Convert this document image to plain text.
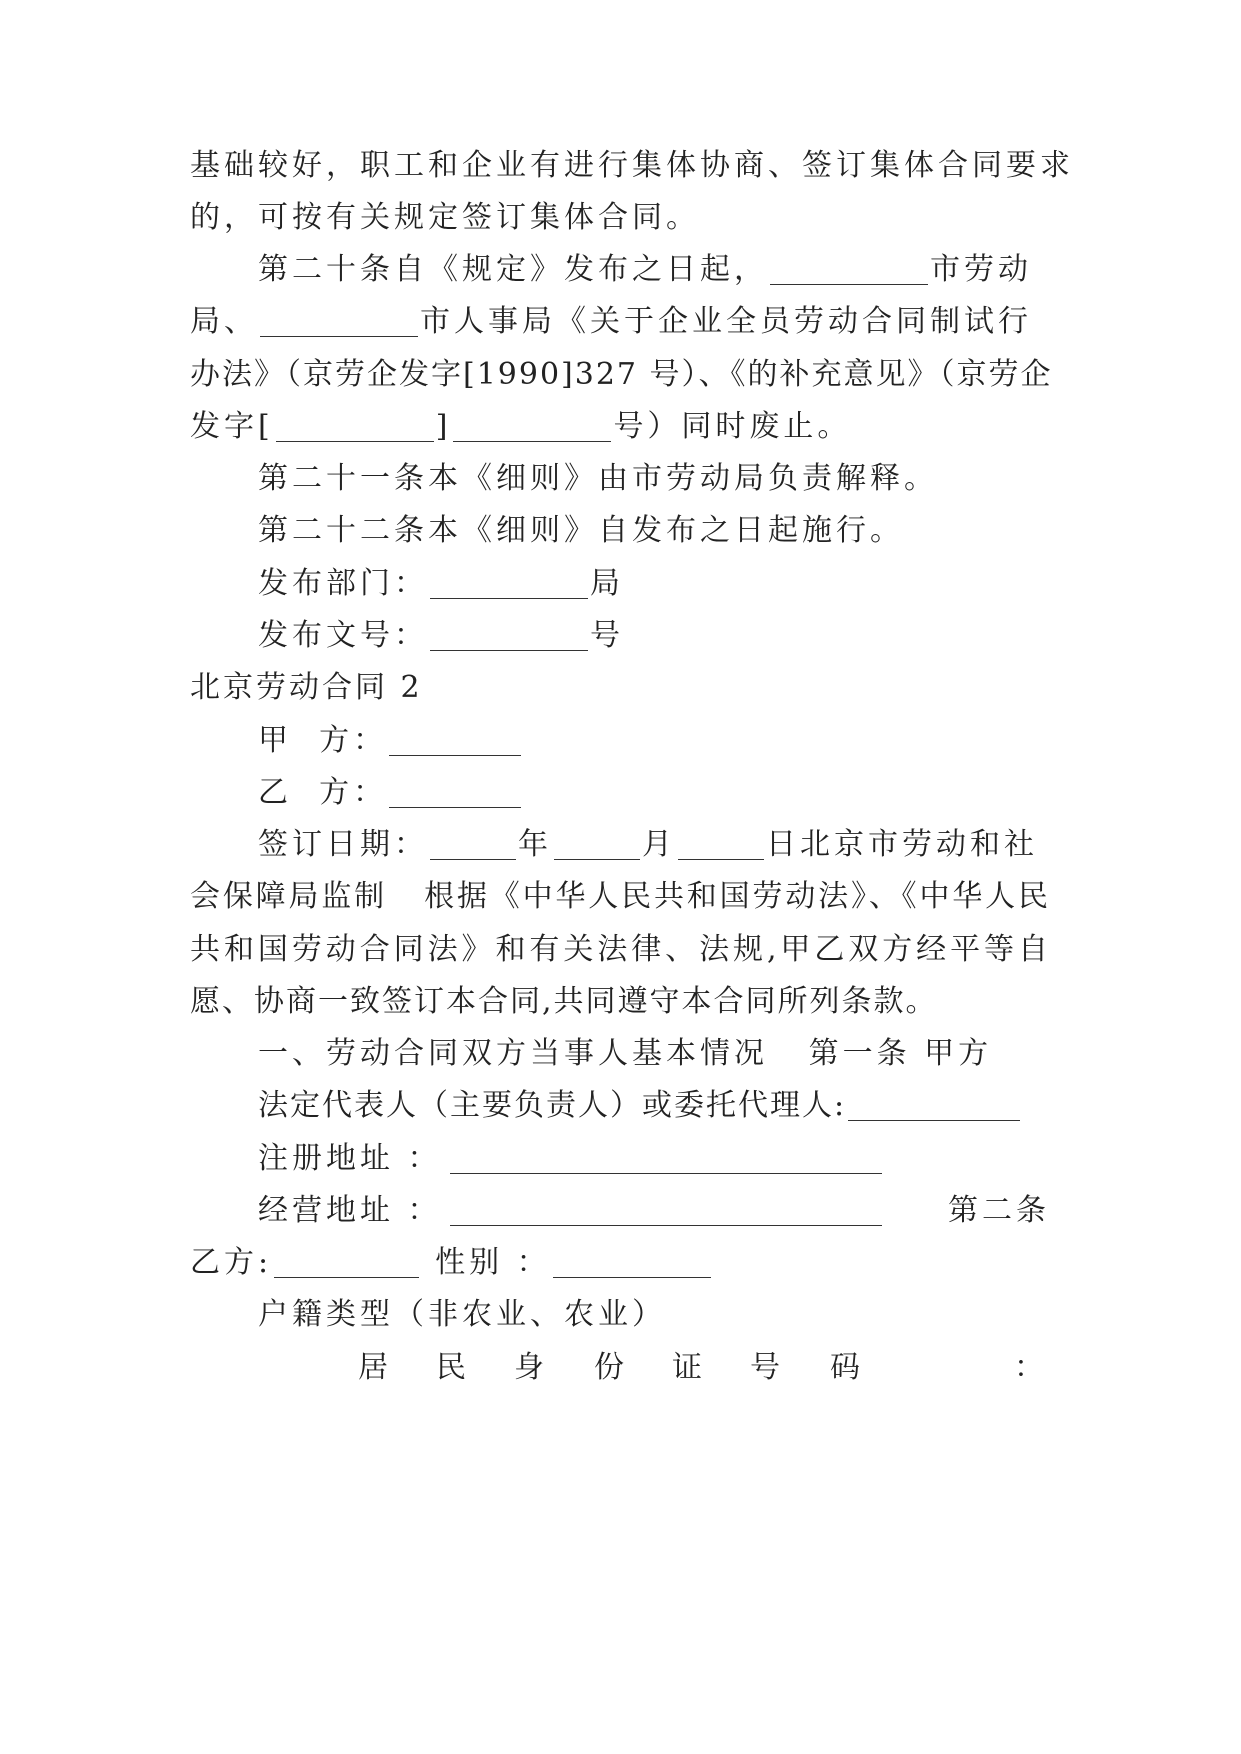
基础较好，职工和企业有进行集体协商、签订集体合同要求
的，可按有关规定签订集体合同。
第二十条自《规定》发布之日起，	市劳动
局、	市人事局《关于企业全员劳动合同制试行
办法》（京劳企发字[1990]327 号）、《的补充意见》（京劳企
发字[	]	号）同时废止。
第二十一条本《细则》由市劳动局负责解释。
第二十二条本《细则》自发布之日起施行。
发布部门：	局
发布文号：	号
北京劳动合同 2
甲  方：
乙  方：
签订日期：	年	月	日北京市劳动和社
会保障局监制   根据《中华人民共和国劳动法》、《中华人民
共和国劳动合同法》和有关法律、法规,甲乙双方经平等自
愿、协商一致签订本合同,共同遵守本合同所列条款。
一、劳动合同双方当事人基本情况   第一条 甲方
法定代表人（主要负责人）或委托代理人:
注册地址 ：
经营地址 ：	第二条
乙方:	性别 ：
户籍类型（非农业、农业）
居 民 身 份 证 号 码	：
